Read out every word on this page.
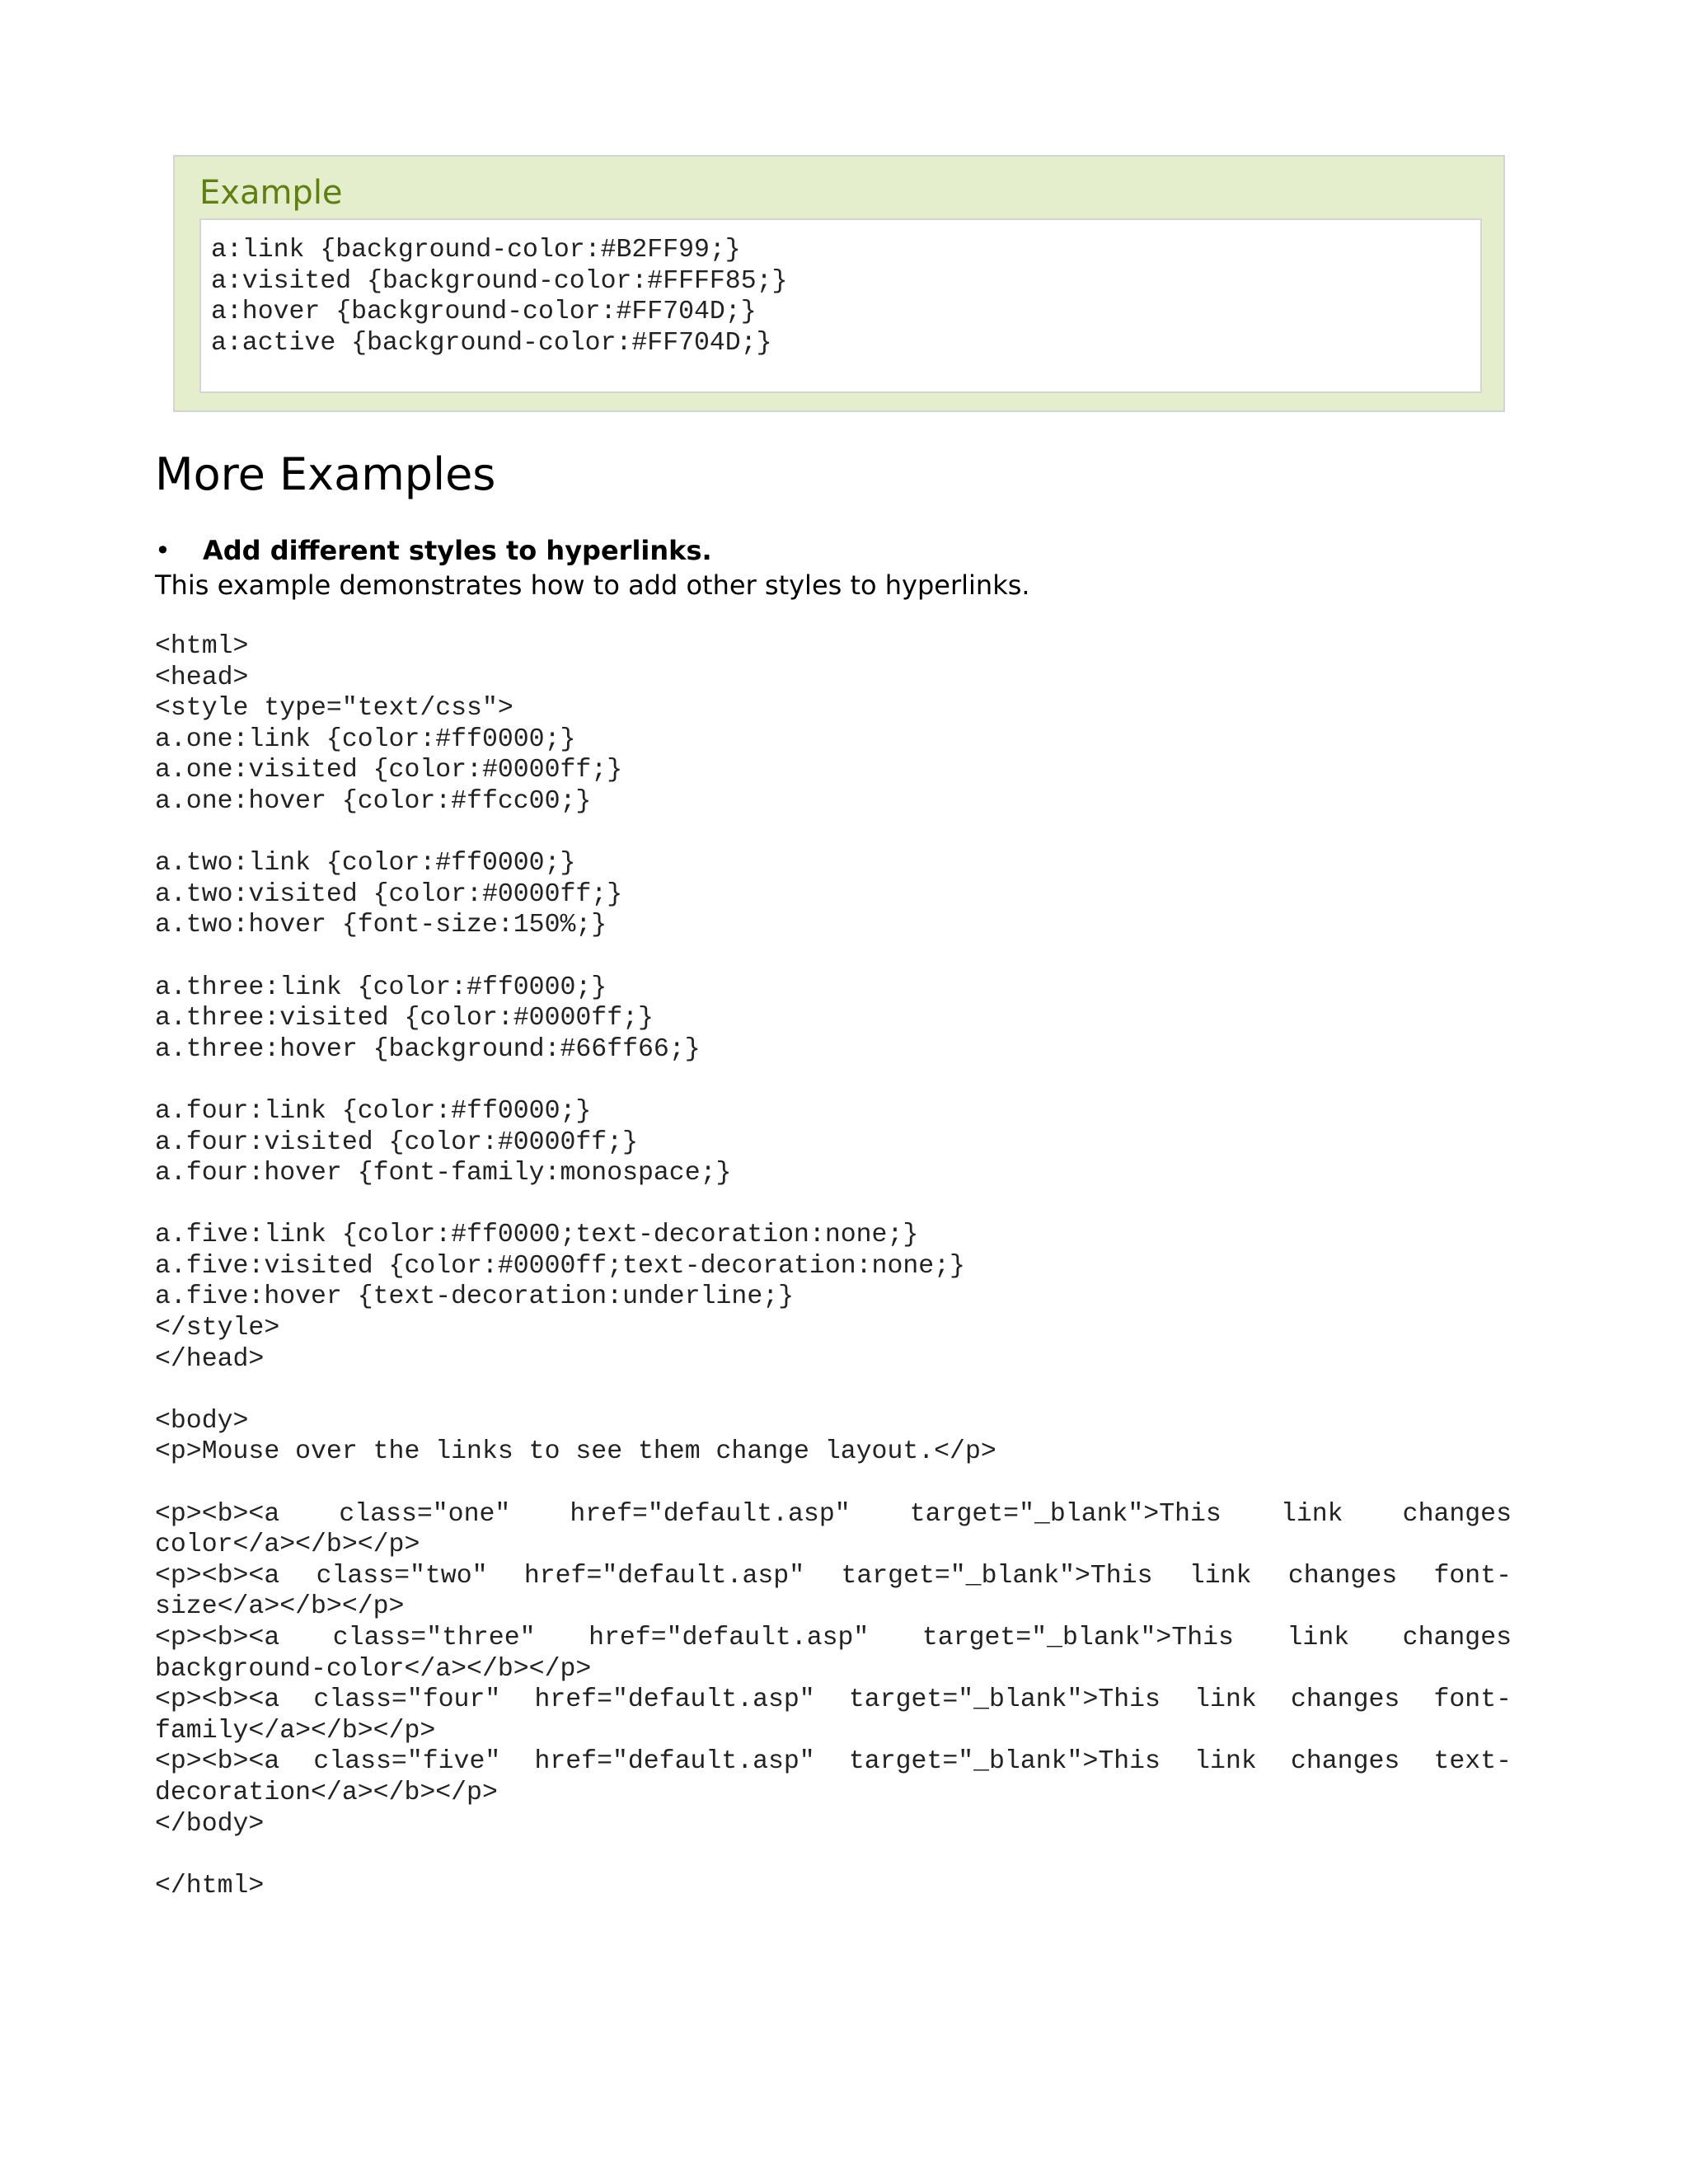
Example
a:link {background-color:#B2FF99;}
a:visited {background-color:#FFFF85;}
a:hover {background-color:#FF704D;}
a:active {background-color:#FF704D;}
More Examples
• Add different styles to hyperlinks.
This example demonstrates how to add other styles to hyperlinks.
<html>
<head>
<style type="text/css">
a.one:link {color:#ff0000;}
a.one:visited {color:#0000ff;}
a.one:hover {color:#ffcc00;}
a.two:link {color:#ff0000;}
a.two:visited {color:#0000ff;}
a.two:hover {font-size:150%;}
a.three:link {color:#ff0000;}
a.three:visited {color:#0000ff;}
a.three:hover {background:#66ff66;}
a.four:link {color:#ff0000;}
a.four:visited {color:#0000ff;}
a.four:hover {font-family:monospace;}
a.five:link {color:#ff0000;text-decoration:none;}
a.five:visited {color:#0000ff;text-decoration:none;}
a.five:hover {text-decoration:underline;}
</style>
</head>
<body>
<p>Mouse over the links to see them change layout.</p>
<p><b><a class="one" href="default.asp" target="_blank">This link changes
color</a></b></p>
<p><b><a class="two" href="default.asp" target="_blank">This link changes font-
size</a></b></p>
<p><b><a class="three" href="default.asp" target="_blank">This link changes
background-color</a></b></p>
<p><b><a class="four" href="default.asp" target="_blank">This link changes font-
family</a></b></p>
<p><b><a class="five" href="default.asp" target="_blank">This link changes text-
decoration</a></b></p>
</body>
</html>
